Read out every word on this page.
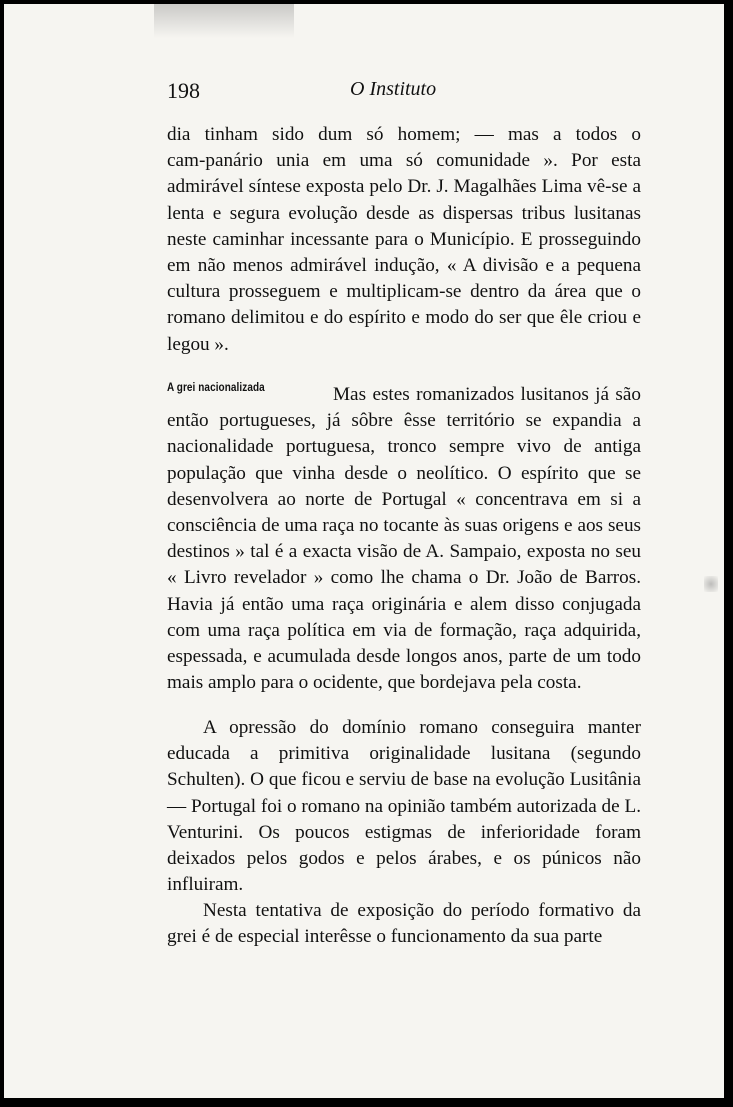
198	O Instituto

dia tinham sido dum só homem; — mas a todos o cam‑panário unia em uma só comunidade ». Por esta admirável síntese exposta pelo Dr. J. Magalhães Lima vê-se a lenta e segura evolução desde as dispersas tribus lusitanas neste caminhar incessante para o Município. E prosseguindo em não menos admirável indução, « A divisão e a pequena cultura prosseguem e multiplicam-se dentro da área que o romano delimitou e do espírito e modo do ser que êle criou e legou ».

A grei nacionalizada	Mas estes romanizados lusitanos já são então portugueses, já sôbre êsse território se expandia a nacionalidade portuguesa, tronco sempre vivo de antiga população que vinha desde o neolítico. O espírito que se desenvolvera ao norte de Portugal « concentrava em si a consciência de uma raça no tocante às suas origens e aos seus destinos » tal é a exacta visão de A. Sampaio, exposta no seu « Livro revelador » como lhe chama o Dr. João de Barros. Havia já então uma raça originária e alem disso conjugada com uma raça política em via de formação, raça adquirida, espessada, e acumulada desde longos anos, parte de um todo mais amplo para o ocidente, que bordejava pela costa.

A opressão do domínio romano conseguira manter educada a primitiva originalidade lusitana (segundo Schulten). O que ficou e serviu de base na evolução Lusitânia — Portugal foi o romano na opinião também autorizada de L. Venturini. Os poucos estigmas de inferioridade foram deixados pelos godos e pelos árabes, e os púnicos não influiram.

Nesta tentativa de exposição do período formativo da grei é de especial interêsse o funcionamento da sua parte
